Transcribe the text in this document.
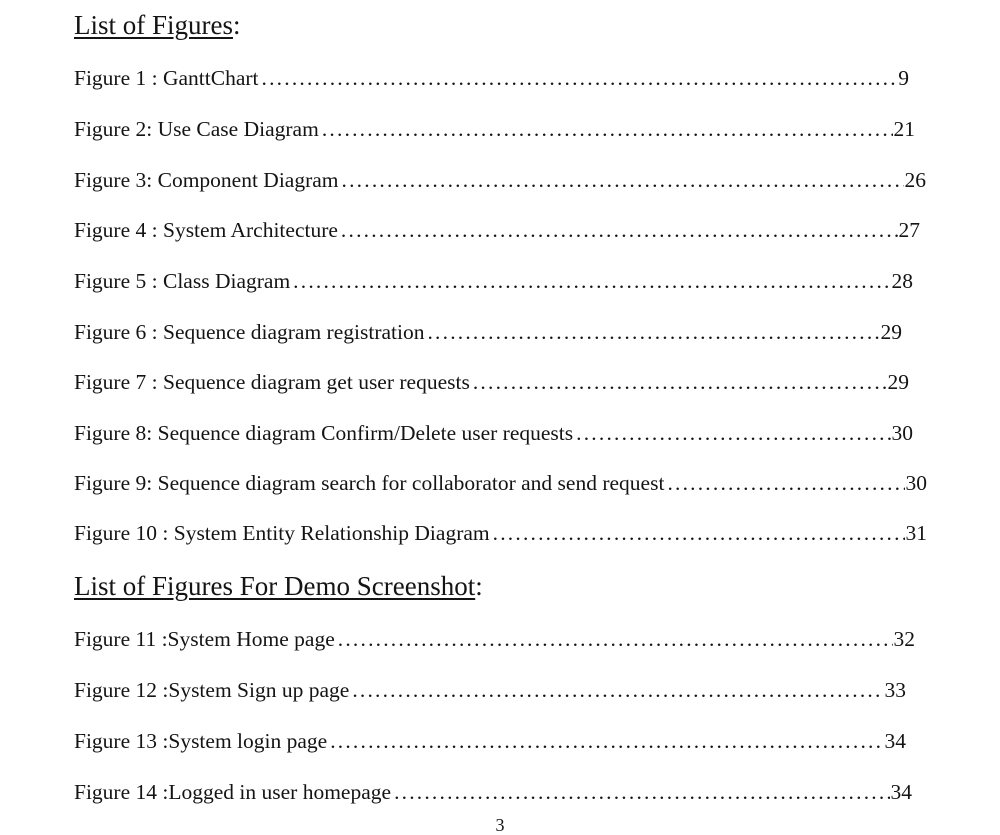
List of Figures:
Figure 1 : GanttChart .....	9
Figure 2: Use Case Diagram .....	21
Figure 3: Component Diagram .....	26
Figure 4 : System Architecture .....	27
Figure 5 : Class Diagram .....	28
Figure 6 : Sequence diagram registration .....	29
Figure 7 : Sequence diagram get user requests .....	29
Figure 8: Sequence diagram Confirm/Delete user requests .....	30
Figure 9: Sequence diagram search for collaborator and send request .....	30
Figure 10 : System Entity Relationship Diagram .....	31
List of Figures For Demo Screenshot:
Figure 11 :System Home page .....	32
Figure 12 :System Sign up page .....	33
Figure 13 :System login page .....	34
Figure 14 :Logged in user homepage .....	34
3
